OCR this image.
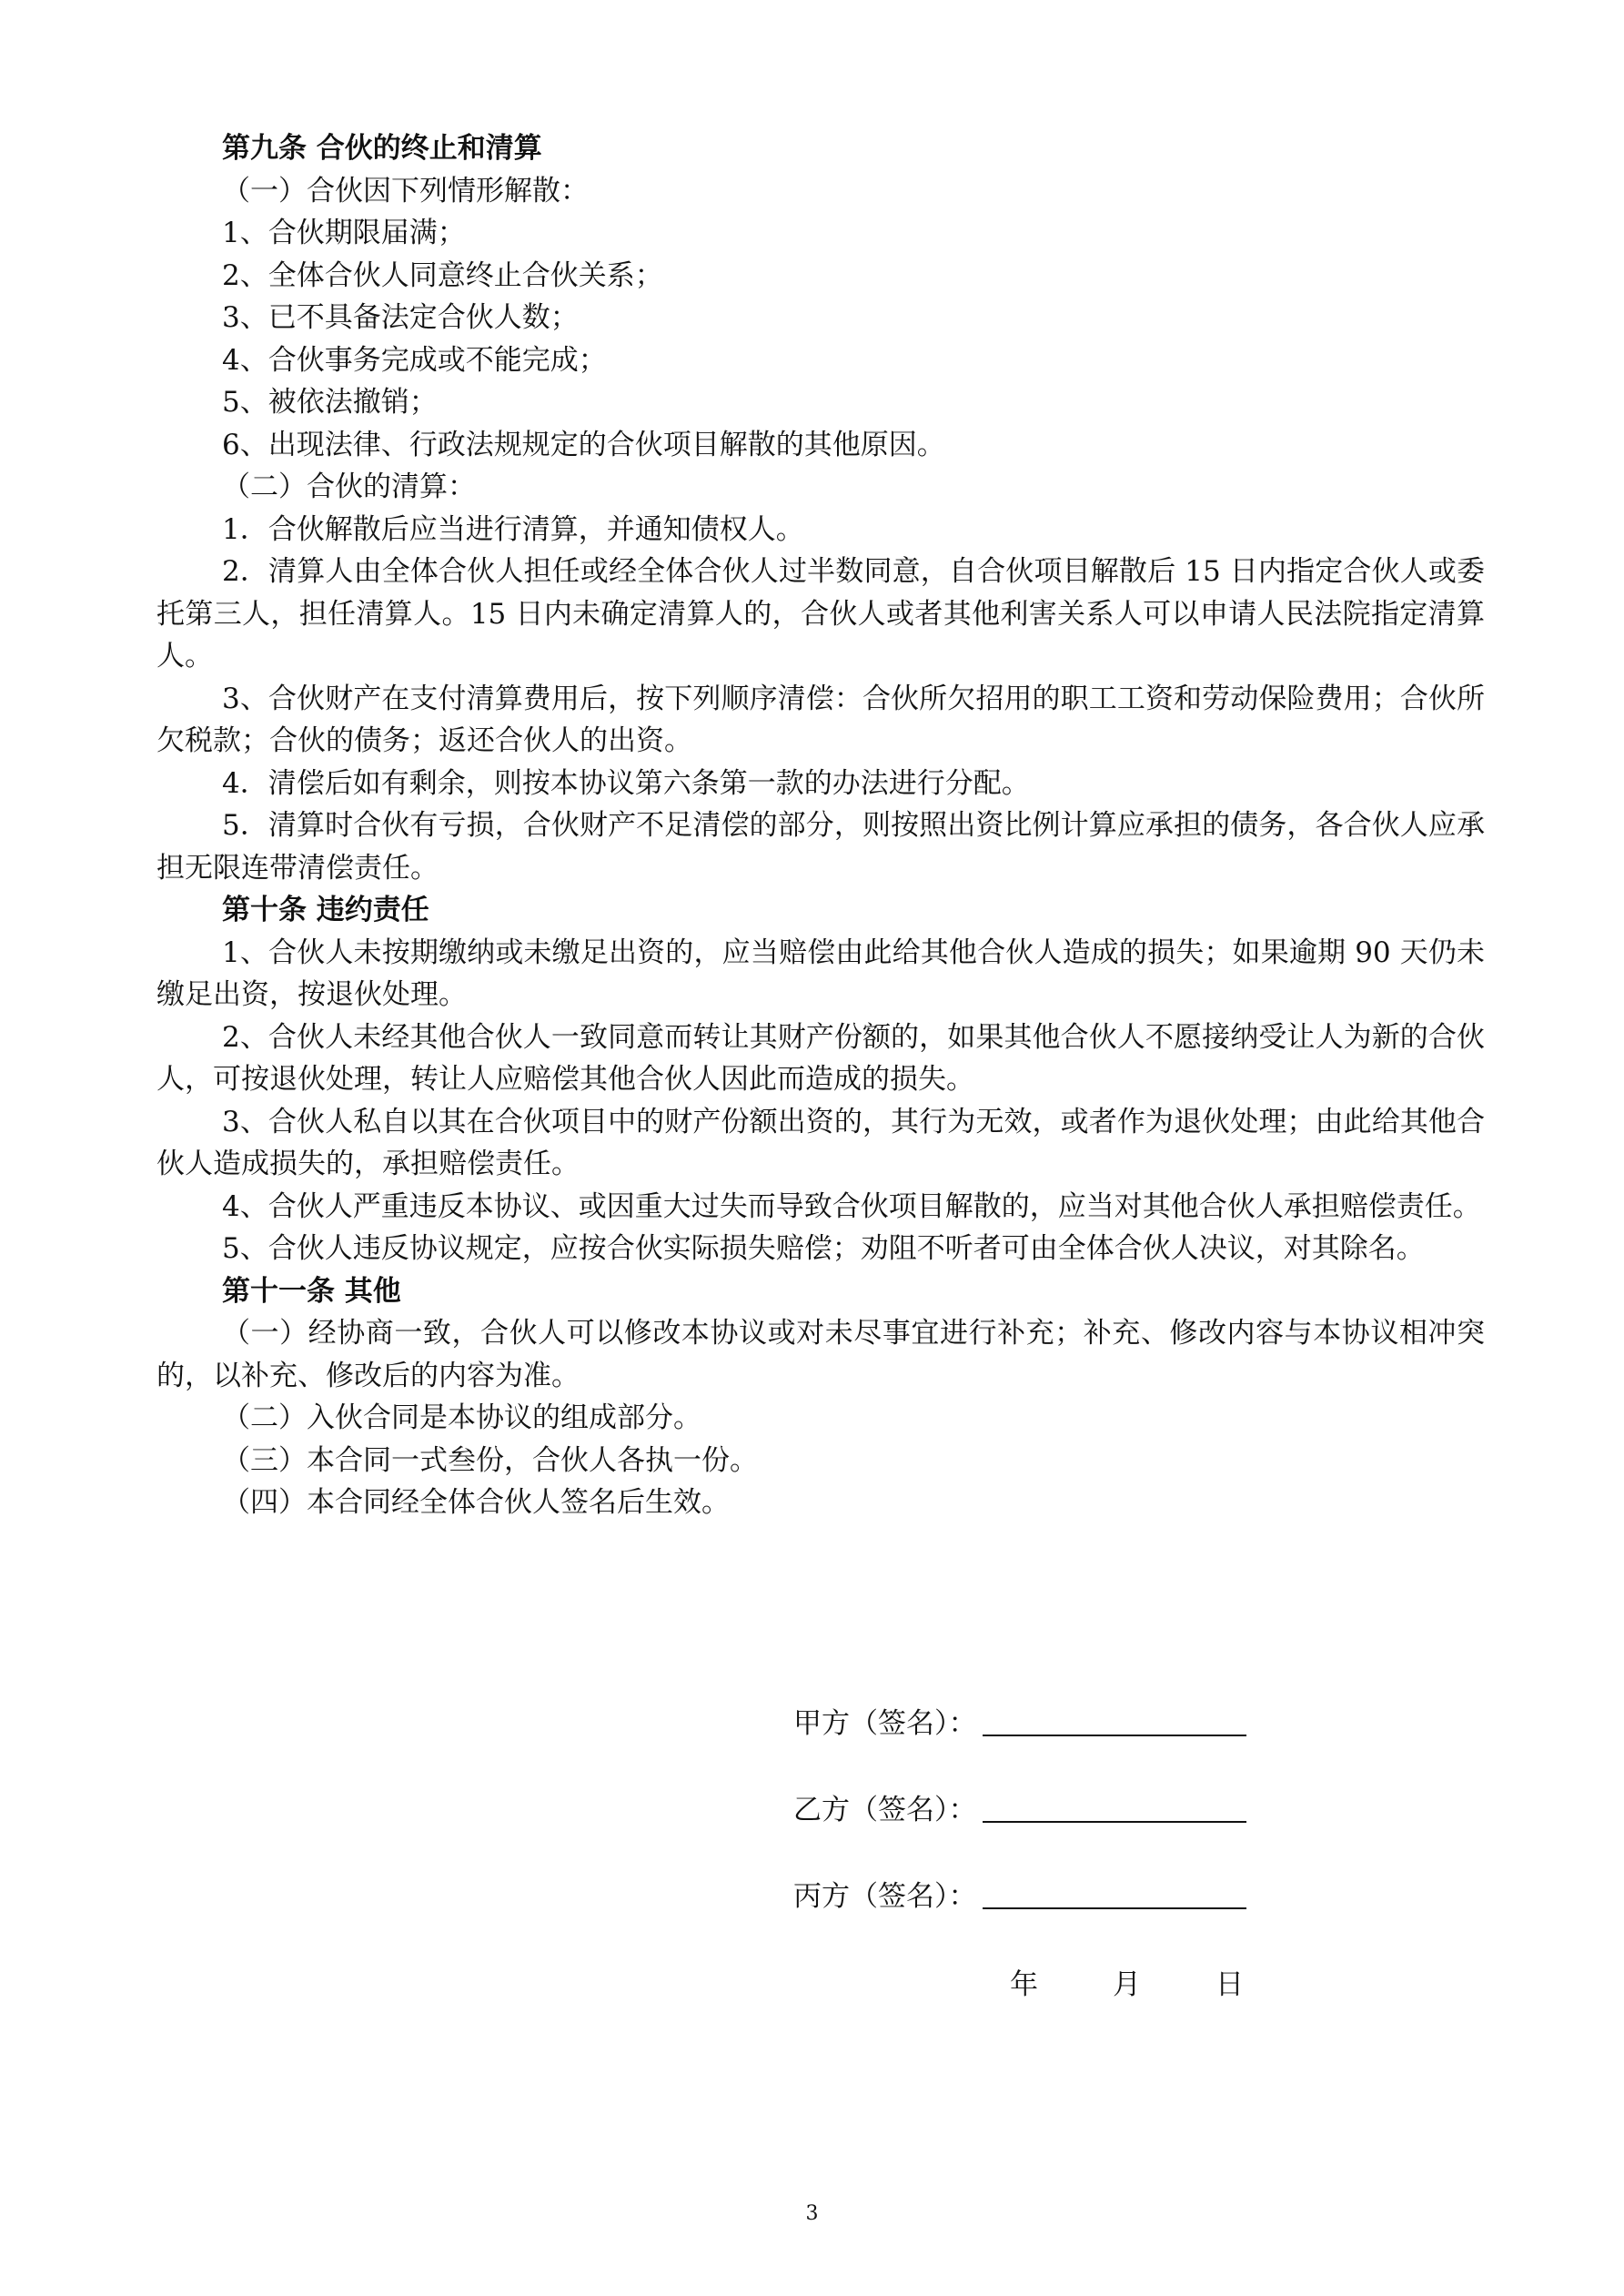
第九条 合伙的终止和清算

（一）合伙因下列情形解散：

1、合伙期限届满；

2、全体合伙人同意终止合伙关系；

3、已不具备法定合伙人数；

4、合伙事务完成或不能完成；

5、被依法撤销；

6、出现法律、行政法规规定的合伙项目解散的其他原因。

（二）合伙的清算：

1．合伙解散后应当进行清算，并通知债权人。

2．清算人由全体合伙人担任或经全体合伙人过半数同意，自合伙项目解散后 15 日内指定合伙人或委托第三人，担任清算人。15 日内未确定清算人的，合伙人或者其他利害关系人可以申请人民法院指定清算人。

3、合伙财产在支付清算费用后，按下列顺序清偿：合伙所欠招用的职工工资和劳动保险费用；合伙所欠税款；合伙的债务；返还合伙人的出资。

4．清偿后如有剩余，则按本协议第六条第一款的办法进行分配。

5．清算时合伙有亏损，合伙财产不足清偿的部分，则按照出资比例计算应承担的债务，各合伙人应承担无限连带清偿责任。

第十条 违约责任

1、合伙人未按期缴纳或未缴足出资的，应当赔偿由此给其他合伙人造成的损失；如果逾期 90 天仍未缴足出资，按退伙处理。

2、合伙人未经其他合伙人一致同意而转让其财产份额的，如果其他合伙人不愿接纳受让人为新的合伙人，可按退伙处理，转让人应赔偿其他合伙人因此而造成的损失。

3、合伙人私自以其在合伙项目中的财产份额出资的，其行为无效，或者作为退伙处理；由此给其他合伙人造成损失的，承担赔偿责任。

4、合伙人严重违反本协议、或因重大过失而导致合伙项目解散的，应当对其他合伙人承担赔偿责任。

5、合伙人违反协议规定，应按合伙实际损失赔偿；劝阻不听者可由全体合伙人决议，对其除名。

第十一条 其他

（一）经协商一致，合伙人可以修改本协议或对未尽事宜进行补充；补充、修改内容与本协议相冲突的，以补充、修改后的内容为准。

（二）入伙合同是本协议的组成部分。

（三）本合同一式叁份，合伙人各执一份。

（四）本合同经全体合伙人签名后生效。

甲方（签名）：
乙方（签名）：
丙方（签名）：
年	月	日
3
